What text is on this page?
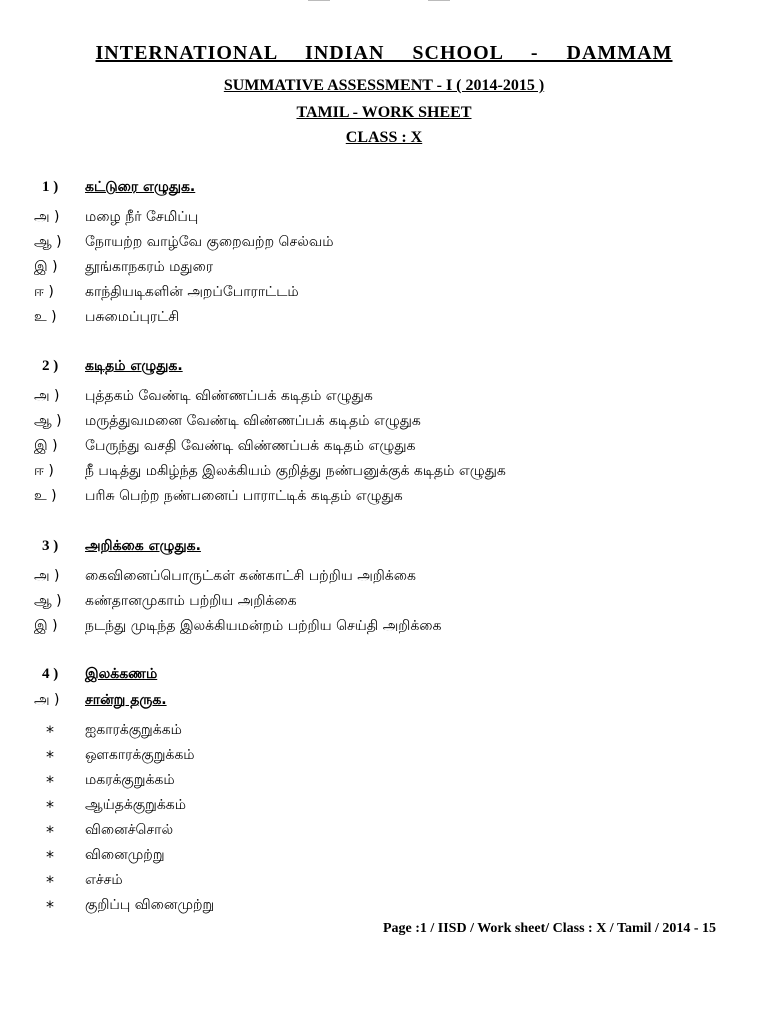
INTERNATIONAL INDIAN SCHOOL - DAMMAM
SUMMATIVE ASSESSMENT - I ( 2014-2015 )
TAMIL - WORK SHEET
CLASS : X
1 )	கட்டுரை எழுதுக.
அ )	மழை நீர் சேமிப்பு
ஆ )	நோயற்ற வாழ்வே குறைவற்ற செல்வம்
இ )	தூங்காநகரம் மதுரை
ஈ )	காந்தியடிகளின் அறப்போராட்டம்
உ )	பசுமைப்புரட்சி
2 )	கடிதம் எழுதுக.
அ )	புத்தகம் வேண்டி விண்ணப்பக் கடிதம் எழுதுக
ஆ )	மருத்துவமனை வேண்டி விண்ணப்பக் கடிதம் எழுதுக
இ )	பேருந்து வசதி வேண்டி விண்ணப்பக் கடிதம் எழுதுக
ஈ )	நீ படித்து மகிழ்ந்த இலக்கியம் குறித்து நண்பனுக்குக் கடிதம் எழுதுக
உ )	பரிசு பெற்ற நண்பனைப் பாராட்டிக் கடிதம் எழுதுக
3 )	அறிக்கை எழுதுக.
அ )	கைவினைப்பொருட்கள் கண்காட்சி பற்றிய அறிக்கை
ஆ )	கண்தானமுகாம் பற்றிய அறிக்கை
இ )	நடந்து முடிந்த இலக்கியமன்றம் பற்றிய செய்தி அறிக்கை
4 )	இலக்கணம்
அ )	சான்று தருக.
*	ஐகாரக்குறுக்கம்
*	ஔகாரக்குறுக்கம்
*	மகரக்குறுக்கம்
*	ஆய்தக்குறுக்கம்
*	வினைச்சொல்
*	வினைமுற்று
*	எச்சம்
*	குறிப்பு வினைமுற்று
Page :1 / IISD / Work sheet/ Class : X / Tamil / 2014 - 15
